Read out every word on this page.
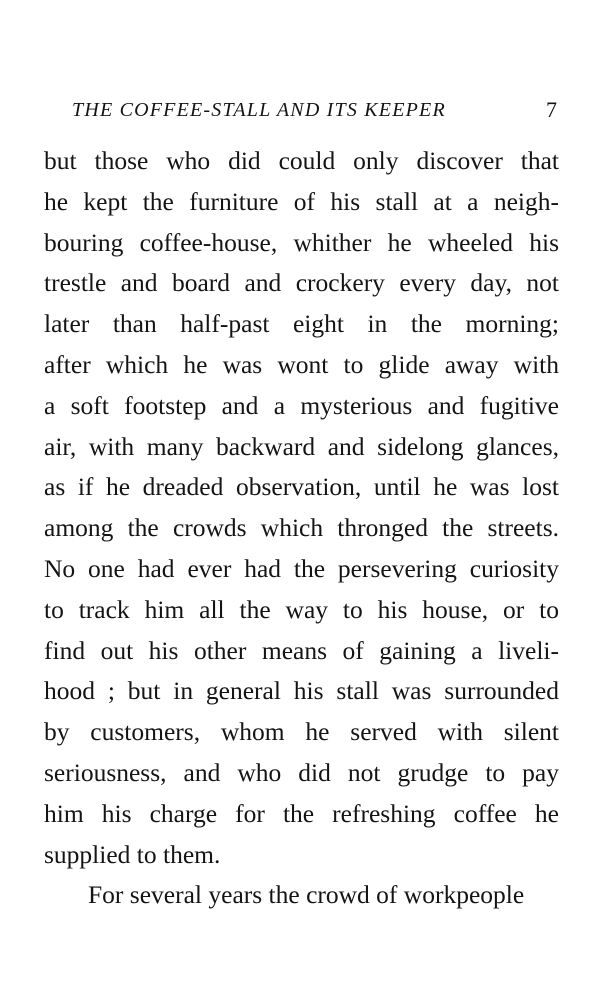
THE COFFEE-STALL AND ITS KEEPER	7
but those who did could only discover that
he kept the furniture of his stall at a neigh-
bouring coffee-house, whither he wheeled his
trestle and board and crockery every day, not
later than half-past eight in the morning;
after which he was wont to glide away with
a soft footstep and a mysterious and fugitive
air, with many backward and sidelong glances,
as if he dreaded observation, until he was lost
among the crowds which thronged the streets.
No one had ever had the persevering curiosity
to track him all the way to his house, or to
find out his other means of gaining a liveli-
hood ; but in general his stall was surrounded
by customers, whom he served with silent
seriousness, and who did not grudge to pay
him his charge for the refreshing coffee he
supplied to them.
For several years the crowd of workpeople
